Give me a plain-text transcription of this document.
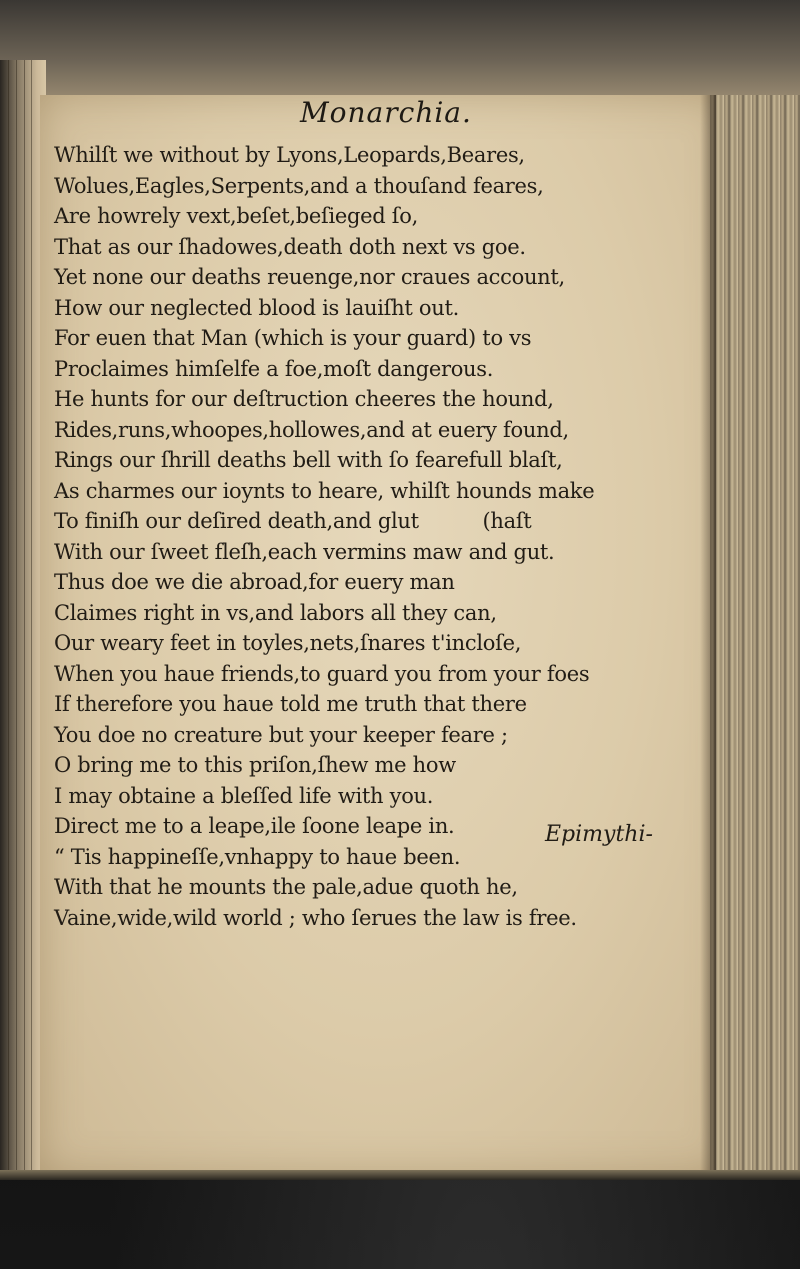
Monarchia.
Whilſt we without by Lyons,Leopards,Beares,
Wolues,Eagles,Serpents,and a thouſand feares,
Are howrely vext,beſet,beſieged ſo,
That as our ſhadowes,death doth next vs goe.
Yet none our deaths reuenge,nor craues account,
How our neglected blood is lauiſht out.
For euen that Man (which is your guard) to vs
Proclaimes himſelfe a foe,moſt dangerous.
He hunts for our deſtruction cheeres the hound,
Rides,runs,whoopes,hollowes,and at euery found,
Rings our ſhrill deaths bell with ſo fearefull blaſt,
As charmes our ioynts to heare, whilſt hounds make
To finiſh our deſired death,and glut          (haſt
With our ſweet fleſh,each vermins maw and gut.
Thus doe we die abroad,for euery man
Claimes right in vs,and labors all they can,
Our weary feet in toyles,nets,ſnares t'incloſe,
When you haue friends,to guard you from your foes
If therefore you haue told me truth that there
You doe no creature but your keeper feare ;
O bring me to this priſon,ſhew me how
I may obtaine a bleſſed life with you.
Direct me to a leape,ile ſoone leape in.
“ Tis happineſſe,vnhappy to haue been.
With that he mounts the pale,adue quoth he,
Vaine,wide,wild world ; who ſerues the law is free.
Epimythi-
